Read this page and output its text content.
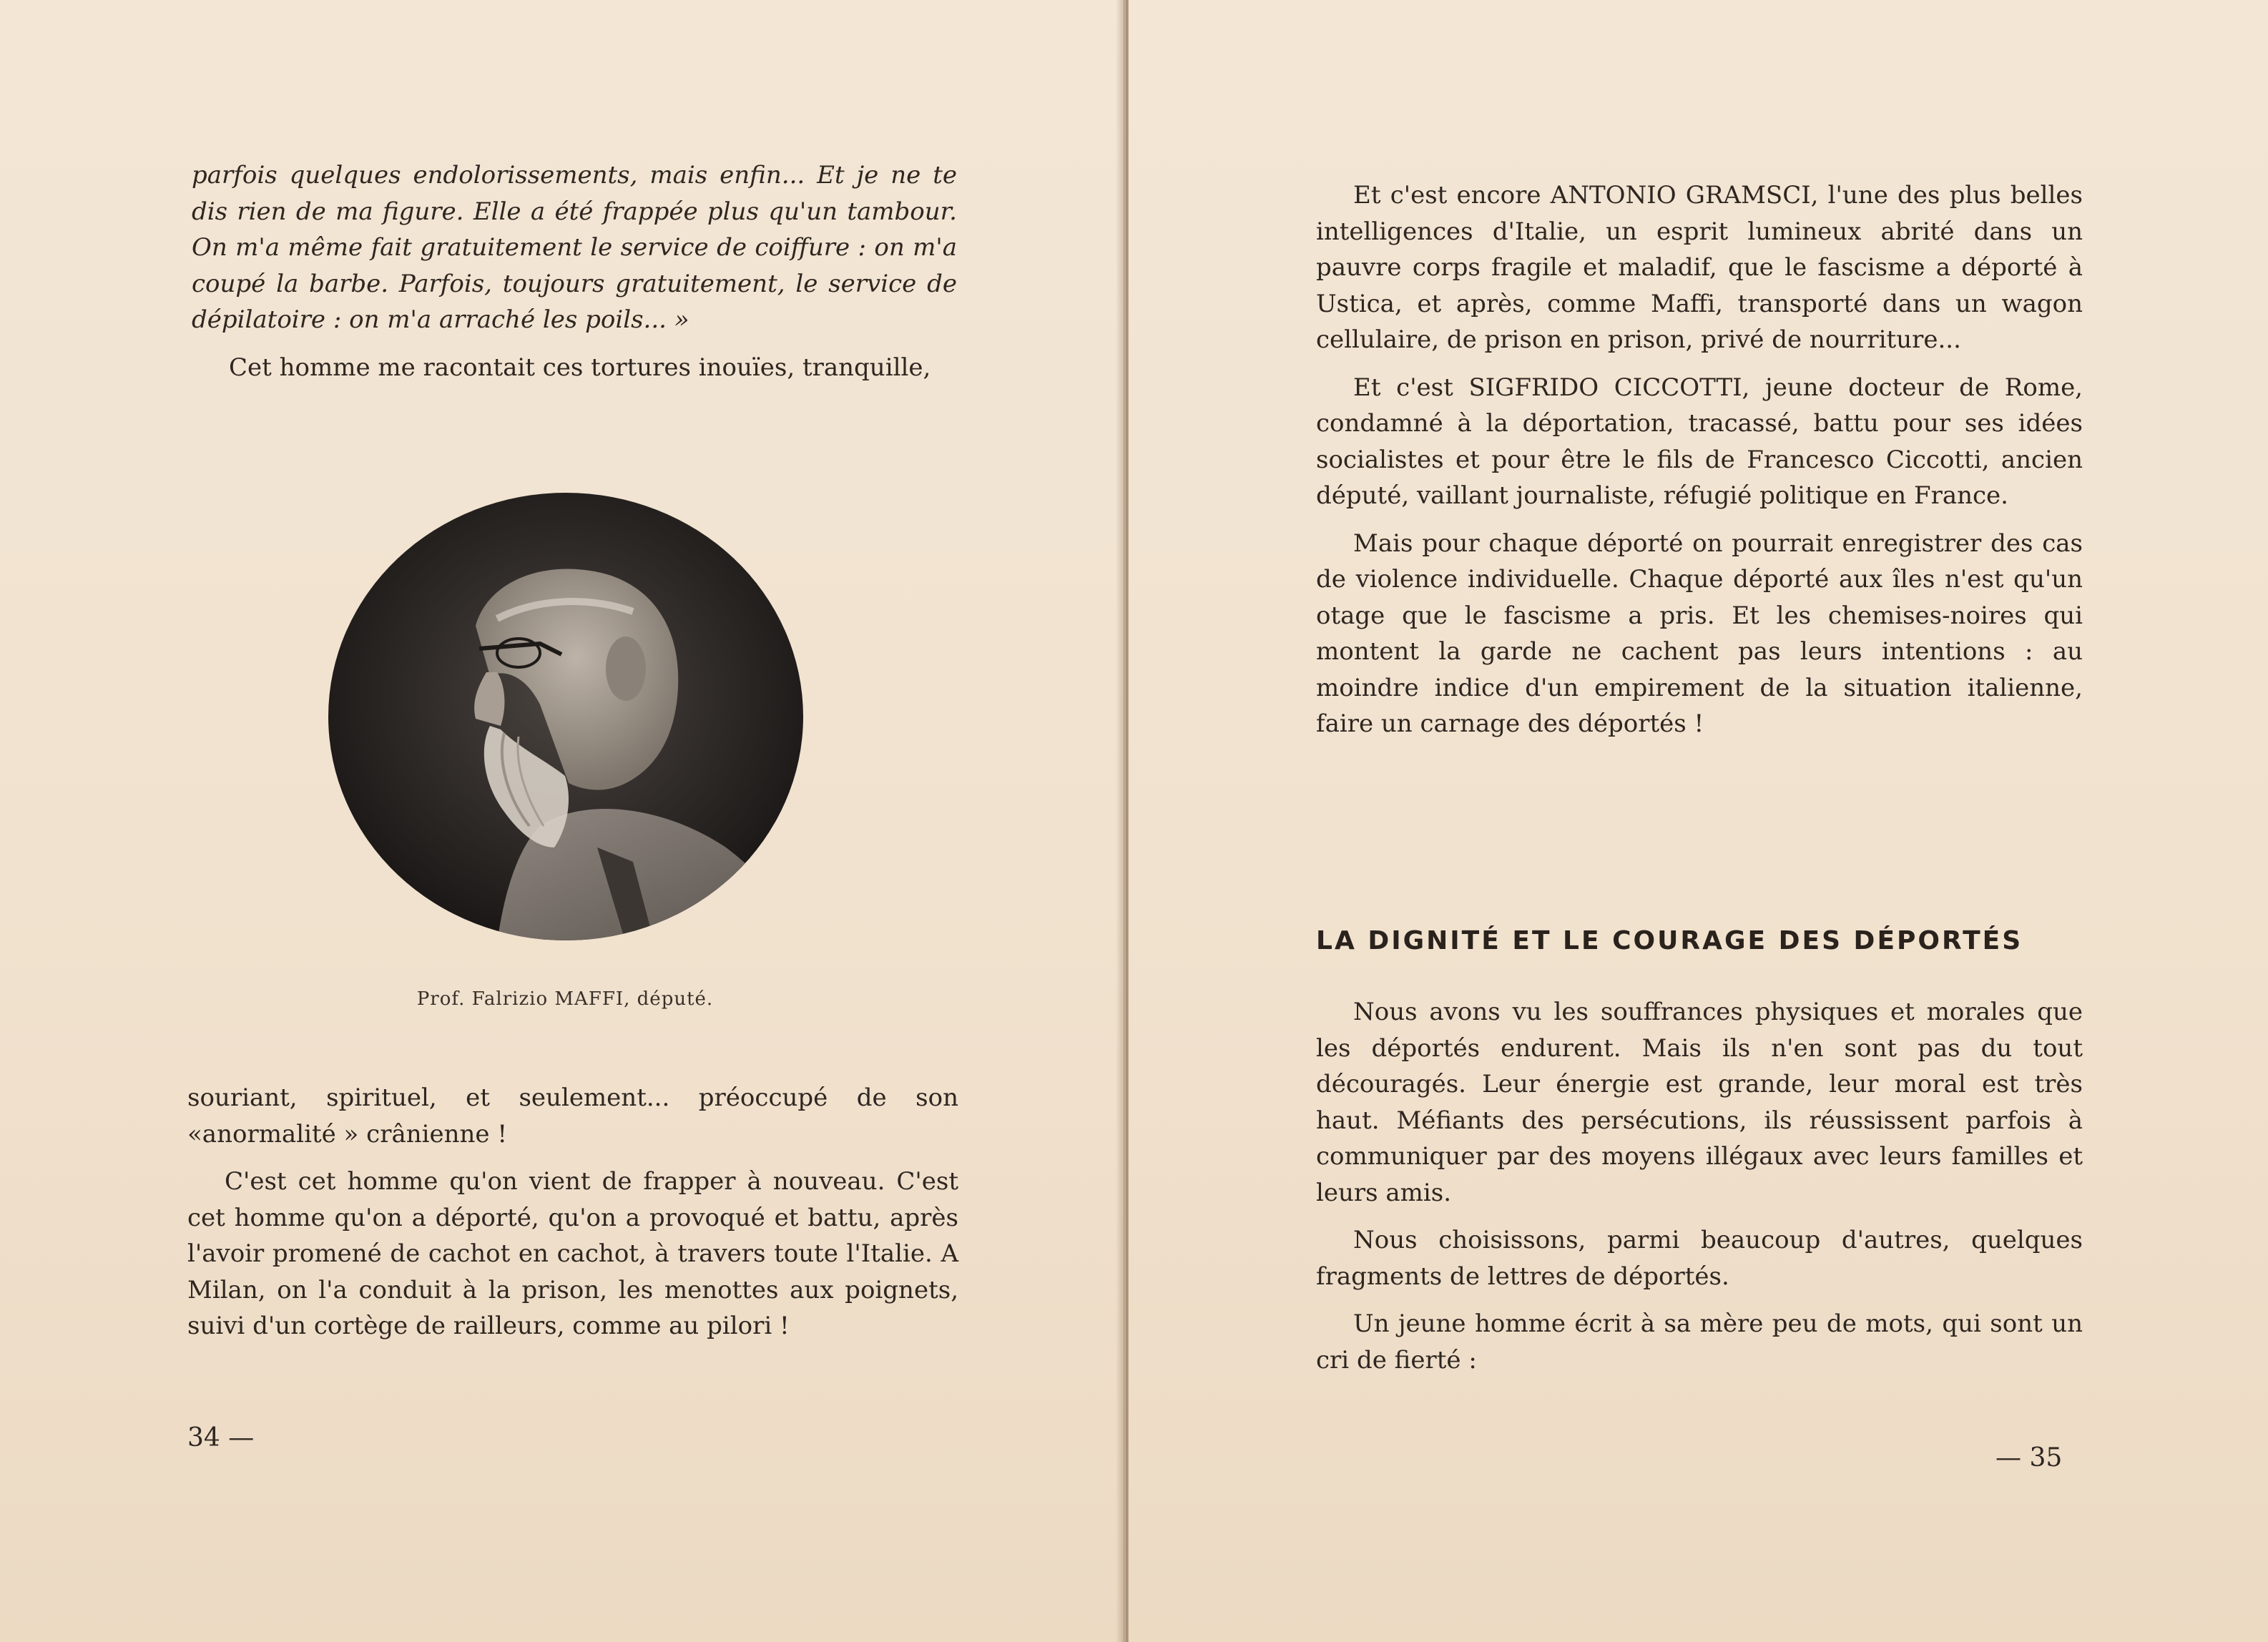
parfois quelques endolorissements, mais enfin... Et je ne te dis rien de ma figure. Elle a été frappée plus qu'un tambour. On m'a même fait gratuitement le service de coiffure : on m'a coupé la barbe. Parfois, toujours gratuitement, le service de dépilatoire : on m'a arraché les poils... »

Cet homme me racontait ces tortures inouïes, tranquille,

Prof. Falrizio MAFFI, député.

souriant, spirituel, et seulement... préoccupé de son «anormalité » crânienne !

C'est cet homme qu'on vient de frapper à nouveau. C'est cet homme qu'on a déporté, qu'on a provoqué et battu, après l'avoir promené de cachot en cachot, à travers toute l'Italie. A Milan, on l'a conduit à la prison, les menottes aux poignets, suivi d'un cortège de railleurs, comme au pilori !

34 —

Et c'est encore ANTONIO GRAMSCI, l'une des plus belles intelligences d'Italie, un esprit lumineux abrité dans un pauvre corps fragile et maladif, que le fascisme a déporté à Ustica, et après, comme Maffi, transporté dans un wagon cellulaire, de prison en prison, privé de nourriture...

Et c'est SIGFRIDO CICCOTTI, jeune docteur de Rome, condamné à la déportation, tracassé, battu pour ses idées socialistes et pour être le fils de Francesco Ciccotti, ancien député, vaillant journaliste, réfugié politique en France.

Mais pour chaque déporté on pourrait enregistrer des cas de violence individuelle. Chaque déporté aux îles n'est qu'un otage que le fascisme a pris. Et les chemises-noires qui montent la garde ne cachent pas leurs intentions : au moindre indice d'un empirement de la situation italienne, faire un carnage des déportés !

LA DIGNITÉ ET LE COURAGE DES DÉPORTÉS

Nous avons vu les souffrances physiques et morales que les déportés endurent. Mais ils n'en sont pas du tout découragés. Leur énergie est grande, leur moral est très haut. Méfiants des persécutions, ils réussissent parfois à communiquer par des moyens illégaux avec leurs familles et leurs amis.

Nous choisissons, parmi beaucoup d'autres, quelques fragments de lettres de déportés.

Un jeune homme écrit à sa mère peu de mots, qui sont un cri de fierté :

— 35
